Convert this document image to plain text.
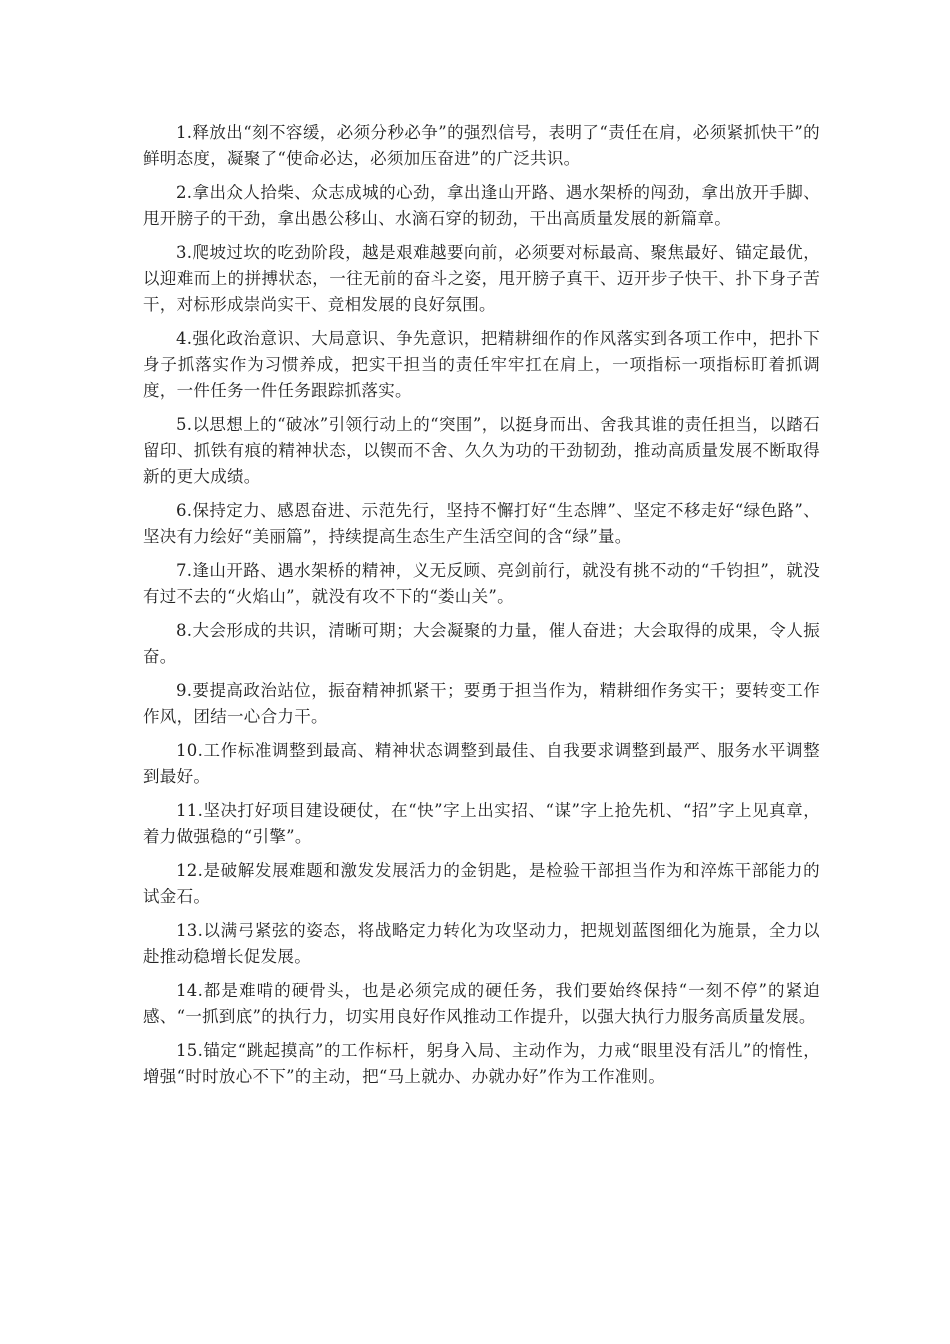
1.释放出“刻不容缓，必须分秒必争”的强烈信号，表明了“责任在肩，必须紧抓快干”的鲜明态度，凝聚了“使命必达，必须加压奋进”的广泛共识。

2.拿出众人拾柴、众志成城的心劲，拿出逢山开路、遇水架桥的闯劲，拿出放开手脚、甩开膀子的干劲，拿出愚公移山、水滴石穿的韧劲，干出高质量发展的新篇章。

3.爬坡过坎的吃劲阶段，越是艰难越要向前，必须要对标最高、聚焦最好、锚定最优，以迎难而上的拼搏状态，一往无前的奋斗之姿，甩开膀子真干、迈开步子快干、扑下身子苦干，对标形成崇尚实干、竞相发展的良好氛围。

4.强化政治意识、大局意识、争先意识，把精耕细作的作风落实到各项工作中，把扑下身子抓落实作为习惯养成，把实干担当的责任牢牢扛在肩上，一项指标一项指标盯着抓调度，一件任务一件任务跟踪抓落实。

5.以思想上的“破冰”引领行动上的“突围”，以挺身而出、舍我其谁的责任担当，以踏石留印、抓铁有痕的精神状态，以锲而不舍、久久为功的干劲韧劲，推动高质量发展不断取得新的更大成绩。

6.保持定力、感恩奋进、示范先行，坚持不懈打好“生态牌”、坚定不移走好“绿色路”、坚决有力绘好“美丽篇”，持续提高生态生产生活空间的含“绿”量。

7.逢山开路、遇水架桥的精神，义无反顾、亮剑前行，就没有挑不动的“千钧担”，就没有过不去的“火焰山”，就没有攻不下的“娄山关”。

8.大会形成的共识，清晰可期；大会凝聚的力量，催人奋进；大会取得的成果，令人振奋。

9.要提高政治站位，振奋精神抓紧干；要勇于担当作为，精耕细作务实干；要转变工作作风，团结一心合力干。

10.工作标准调整到最高、精神状态调整到最佳、自我要求调整到最严、服务水平调整到最好。

11.坚决打好项目建设硬仗，在“快”字上出实招、“谋”字上抢先机、“招”字上见真章，着力做强稳的“引擎”。

12.是破解发展难题和激发发展活力的金钥匙，是检验干部担当作为和淬炼干部能力的试金石。

13.以满弓紧弦的姿态，将战略定力转化为攻坚动力，把规划蓝图细化为施景，全力以赴推动稳增长促发展。

14.都是难啃的硬骨头，也是必须完成的硬任务，我们要始终保持“一刻不停”的紧迫感、“一抓到底”的执行力，切实用良好作风推动工作提升，以强大执行力服务高质量发展。

15.锚定“跳起摸高”的工作标杆，躬身入局、主动作为，力戒“眼里没有活儿”的惰性，增强“时时放心不下”的主动，把“马上就办、办就办好”作为工作准则。
